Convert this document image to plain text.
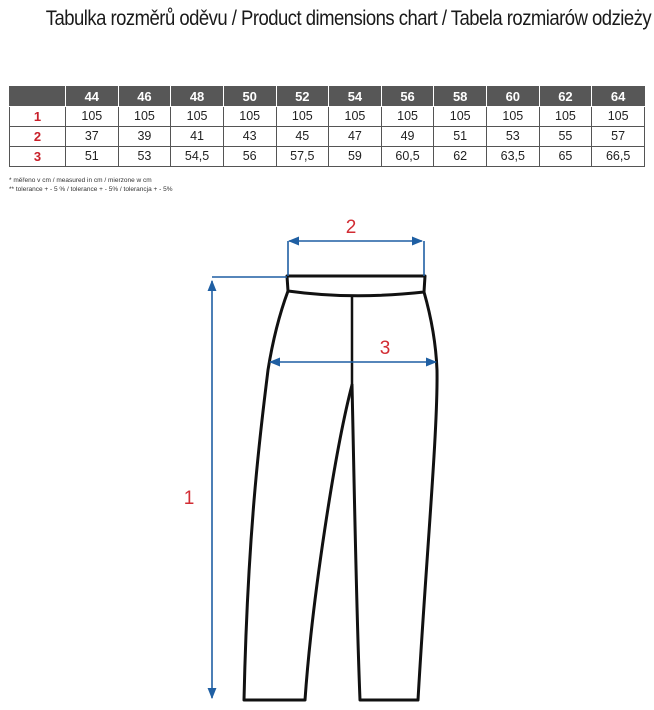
Tabulka rozměrů oděvu / Product dimensions chart / Tabela rozmiarów odzieży
	44	46	48	50	52	54	56	58	60	62	64
1	105	105	105	105	105	105	105	105	105	105	105
2	37	39	41	43	45	47	49	51	53	55	57
3	51	53	54,5	56	57,5	59	60,5	62	63,5	65	66,5
* měřeno v cm / measured in cm / mierzone w cm
** tolerance + - 5 % / tolerance + - 5% / tolerancja + - 5%
1
2
3
